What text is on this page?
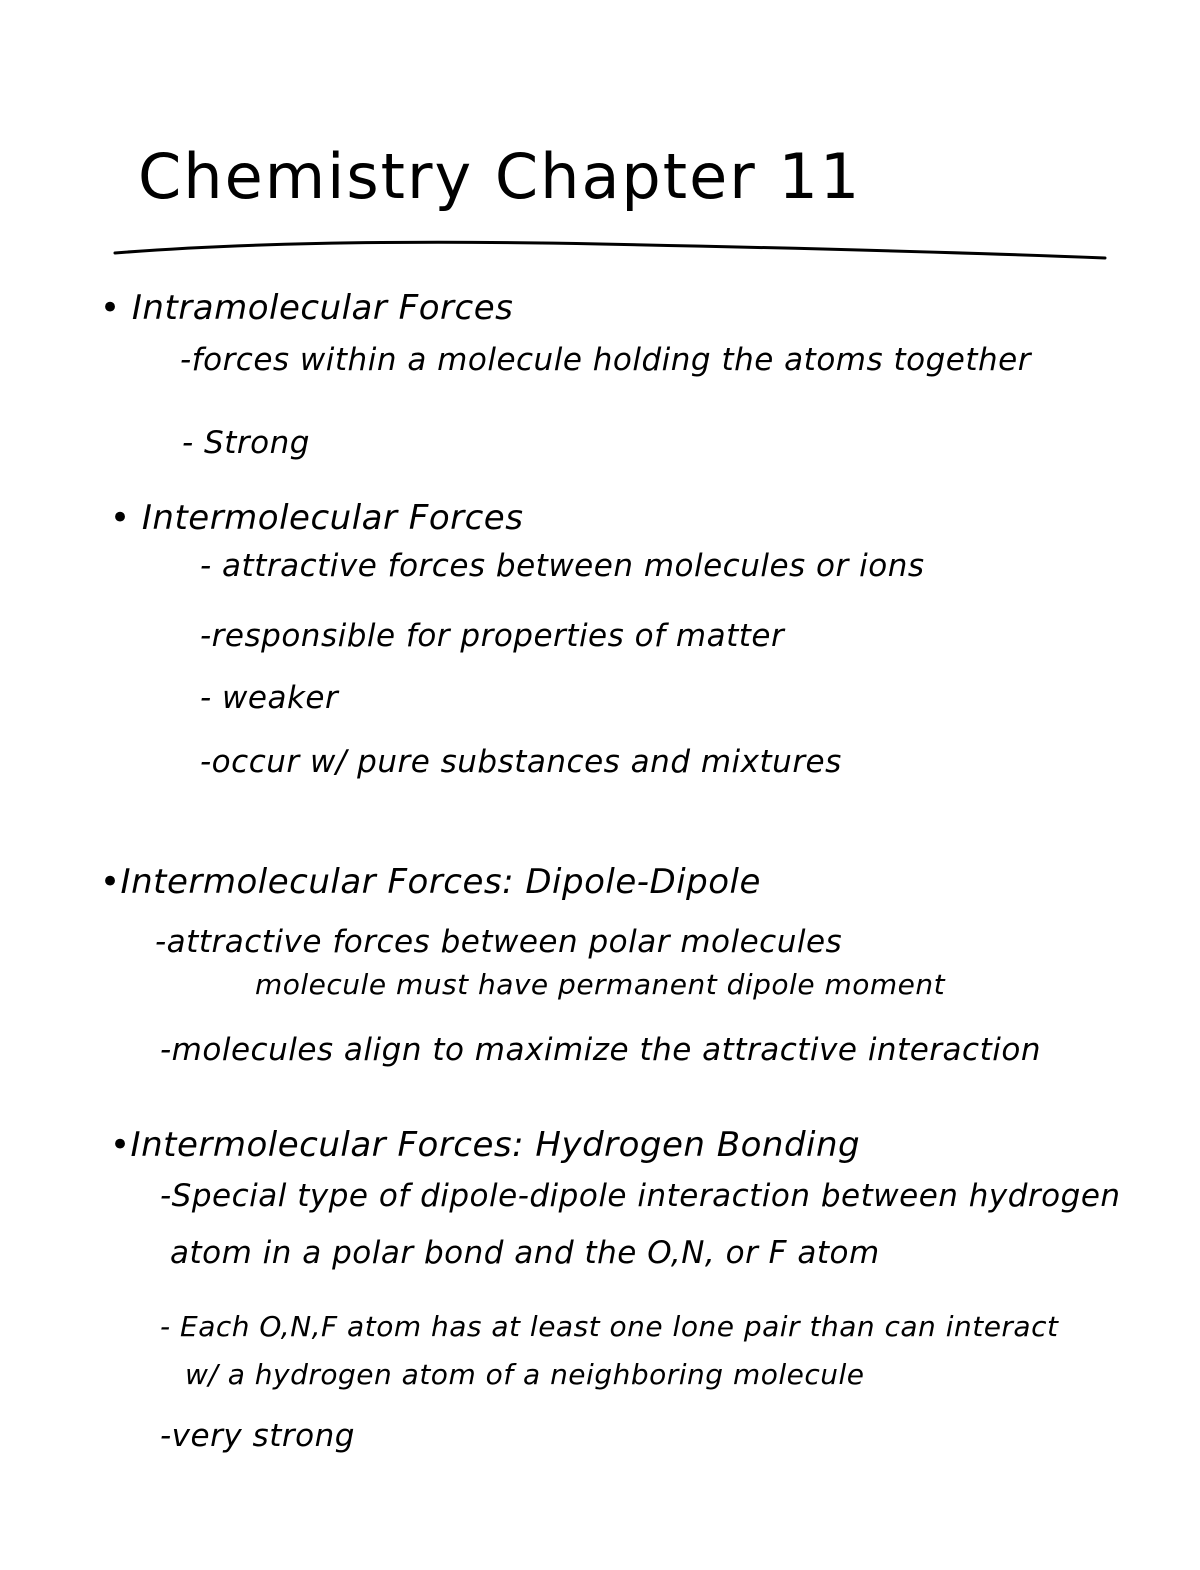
Chemistry Chapter 11
• Intramolecular Forces
-forces within a molecule holding the atoms together
- Strong
• Intermolecular Forces
- attractive forces between molecules or ions
-responsible for properties of matter
- weaker
-occur w/ pure substances and mixtures
•Intermolecular Forces: Dipole-Dipole
-attractive forces between polar molecules
molecule must have permanent dipole moment
-molecules align to maximize the attractive interaction
•Intermolecular Forces: Hydrogen Bonding
-Special type of dipole-dipole interaction between hydrogen
atom in a polar bond and the O,N, or F atom
- Each O,N,F atom has at least one lone pair than can interact
w/ a hydrogen atom of a neighboring molecule
-very strong
